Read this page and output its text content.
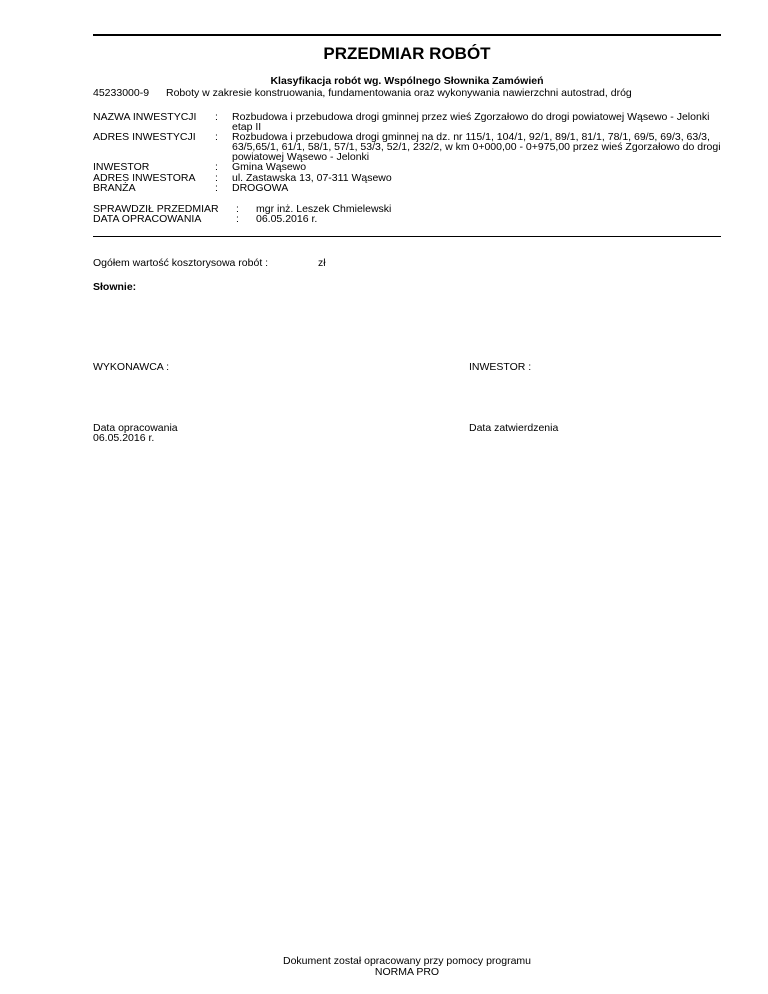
PRZEDMIAR ROBÓT
Klasyfikacja robót wg. Wspólnego Słownika Zamówień
45233000-9 Roboty w zakresie konstruowania, fundamentowania oraz wykonywania nawierzchni autostrad, dróg
NAZWA INWESTYCJI : Rozbudowa i przebudowa drogi gminnej przez wieś Zgorzałowo do drogi powiatowej Wąsewo - Jelonki
etap II
ADRES INWESTYCJI : Rozbudowa i przebudowa drogi gminnej na dz. nr 115/1, 104/1, 92/1, 89/1, 81/1, 78/1, 69/5, 69/3, 63/3,
63/5,65/1, 61/1, 58/1, 57/1, 53/3, 52/1, 232/2, w km 0+000,00 - 0+975,00 przez wieś Zgorzałowo do drogi
powiatowej Wąsewo - Jelonki
INWESTOR	: Gmina Wąsewo
ADRES INWESTORA : ul. Zastawska 13, 07-311 Wąsewo
BRANŻA	: DROGOWA
SPRAWDZIŁ PRZEDMIAR : mgr inż. Leszek Chmielewski
DATA OPRACOWANIA	: 06.05.2016 r.
Ogółem wartość kosztorysowa robót :	zł
Słownie:
WYKONAWCA :	INWESTOR :
Data opracowania
06.05.2016 r.
Data zatwierdzenia
Dokument został opracowany przy pomocy programu
NORMA PRO
